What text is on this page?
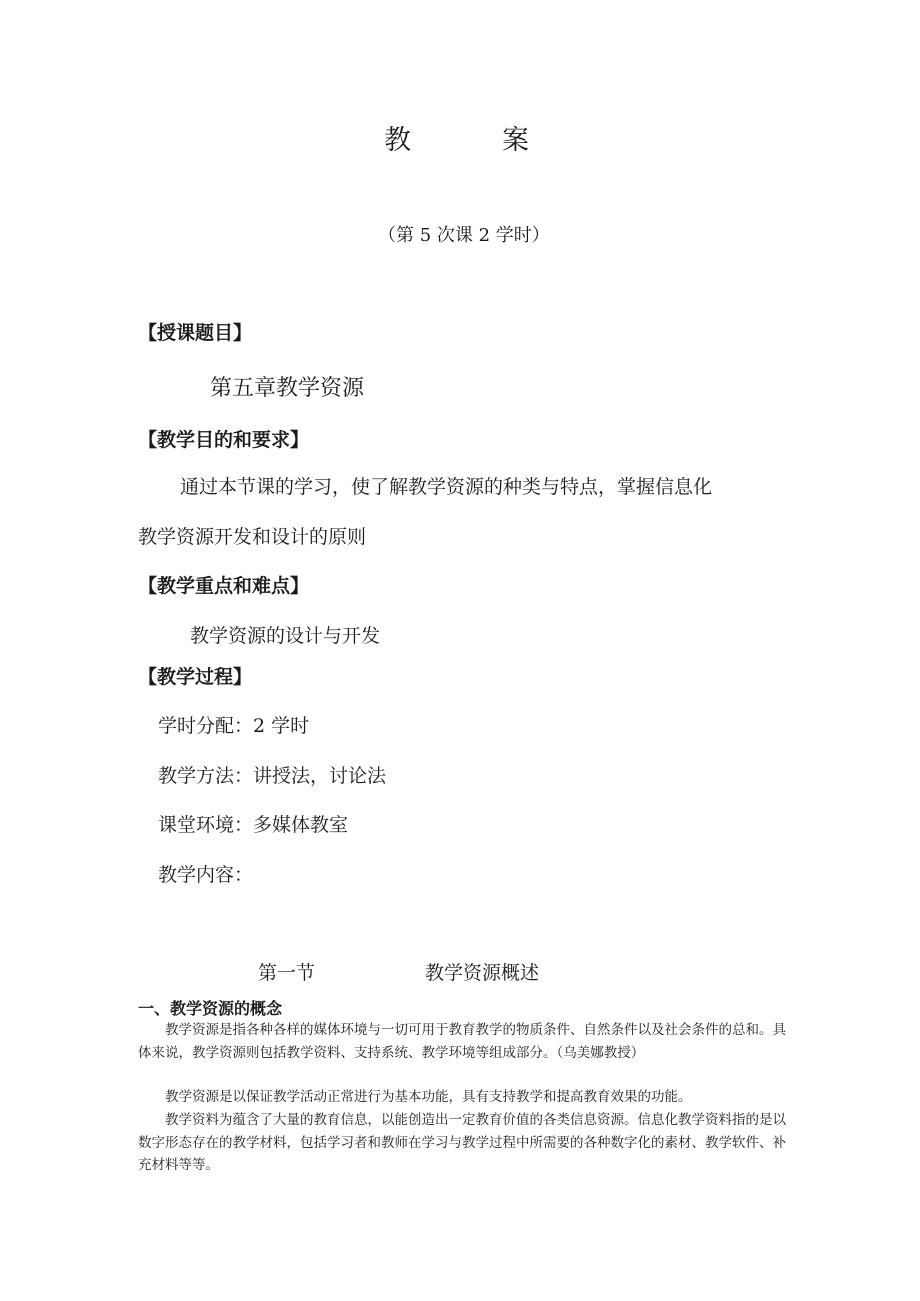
教	案
（第 5 次课 2 学时）
【授课题目】
第五章教学资源
【教学目的和要求】
通过本节课的学习，使了解教学资源的种类与特点，掌握信息化
教学资源开发和设计的原则
【教学重点和难点】
教学资源的设计与开发
【教学过程】
学时分配：2 学时
教学方法：讲授法，讨论法
课堂环境：多媒体教室
教学内容：
第一节	教学资源概述
一、教学资源的概念

教学资源是指各种各样的媒体环境与一切可用于教育教学的物质条件、自然条件以及社会条件的总和。具体来说，教学资源则包括教学资料、支持系统、教学环境等组成部分。（乌美娜教授）

教学资源是以保证教学活动正常进行为基本功能，具有支持教学和提高教育效果的功能。

教学资料为蕴含了大量的教育信息，以能创造出一定教育价值的各类信息资源。信息化教学资料指的是以数字形态存在的教学材料，包括学习者和教师在学习与教学过程中所需要的各种数字化的素材、教学软件、补充材料等等。
